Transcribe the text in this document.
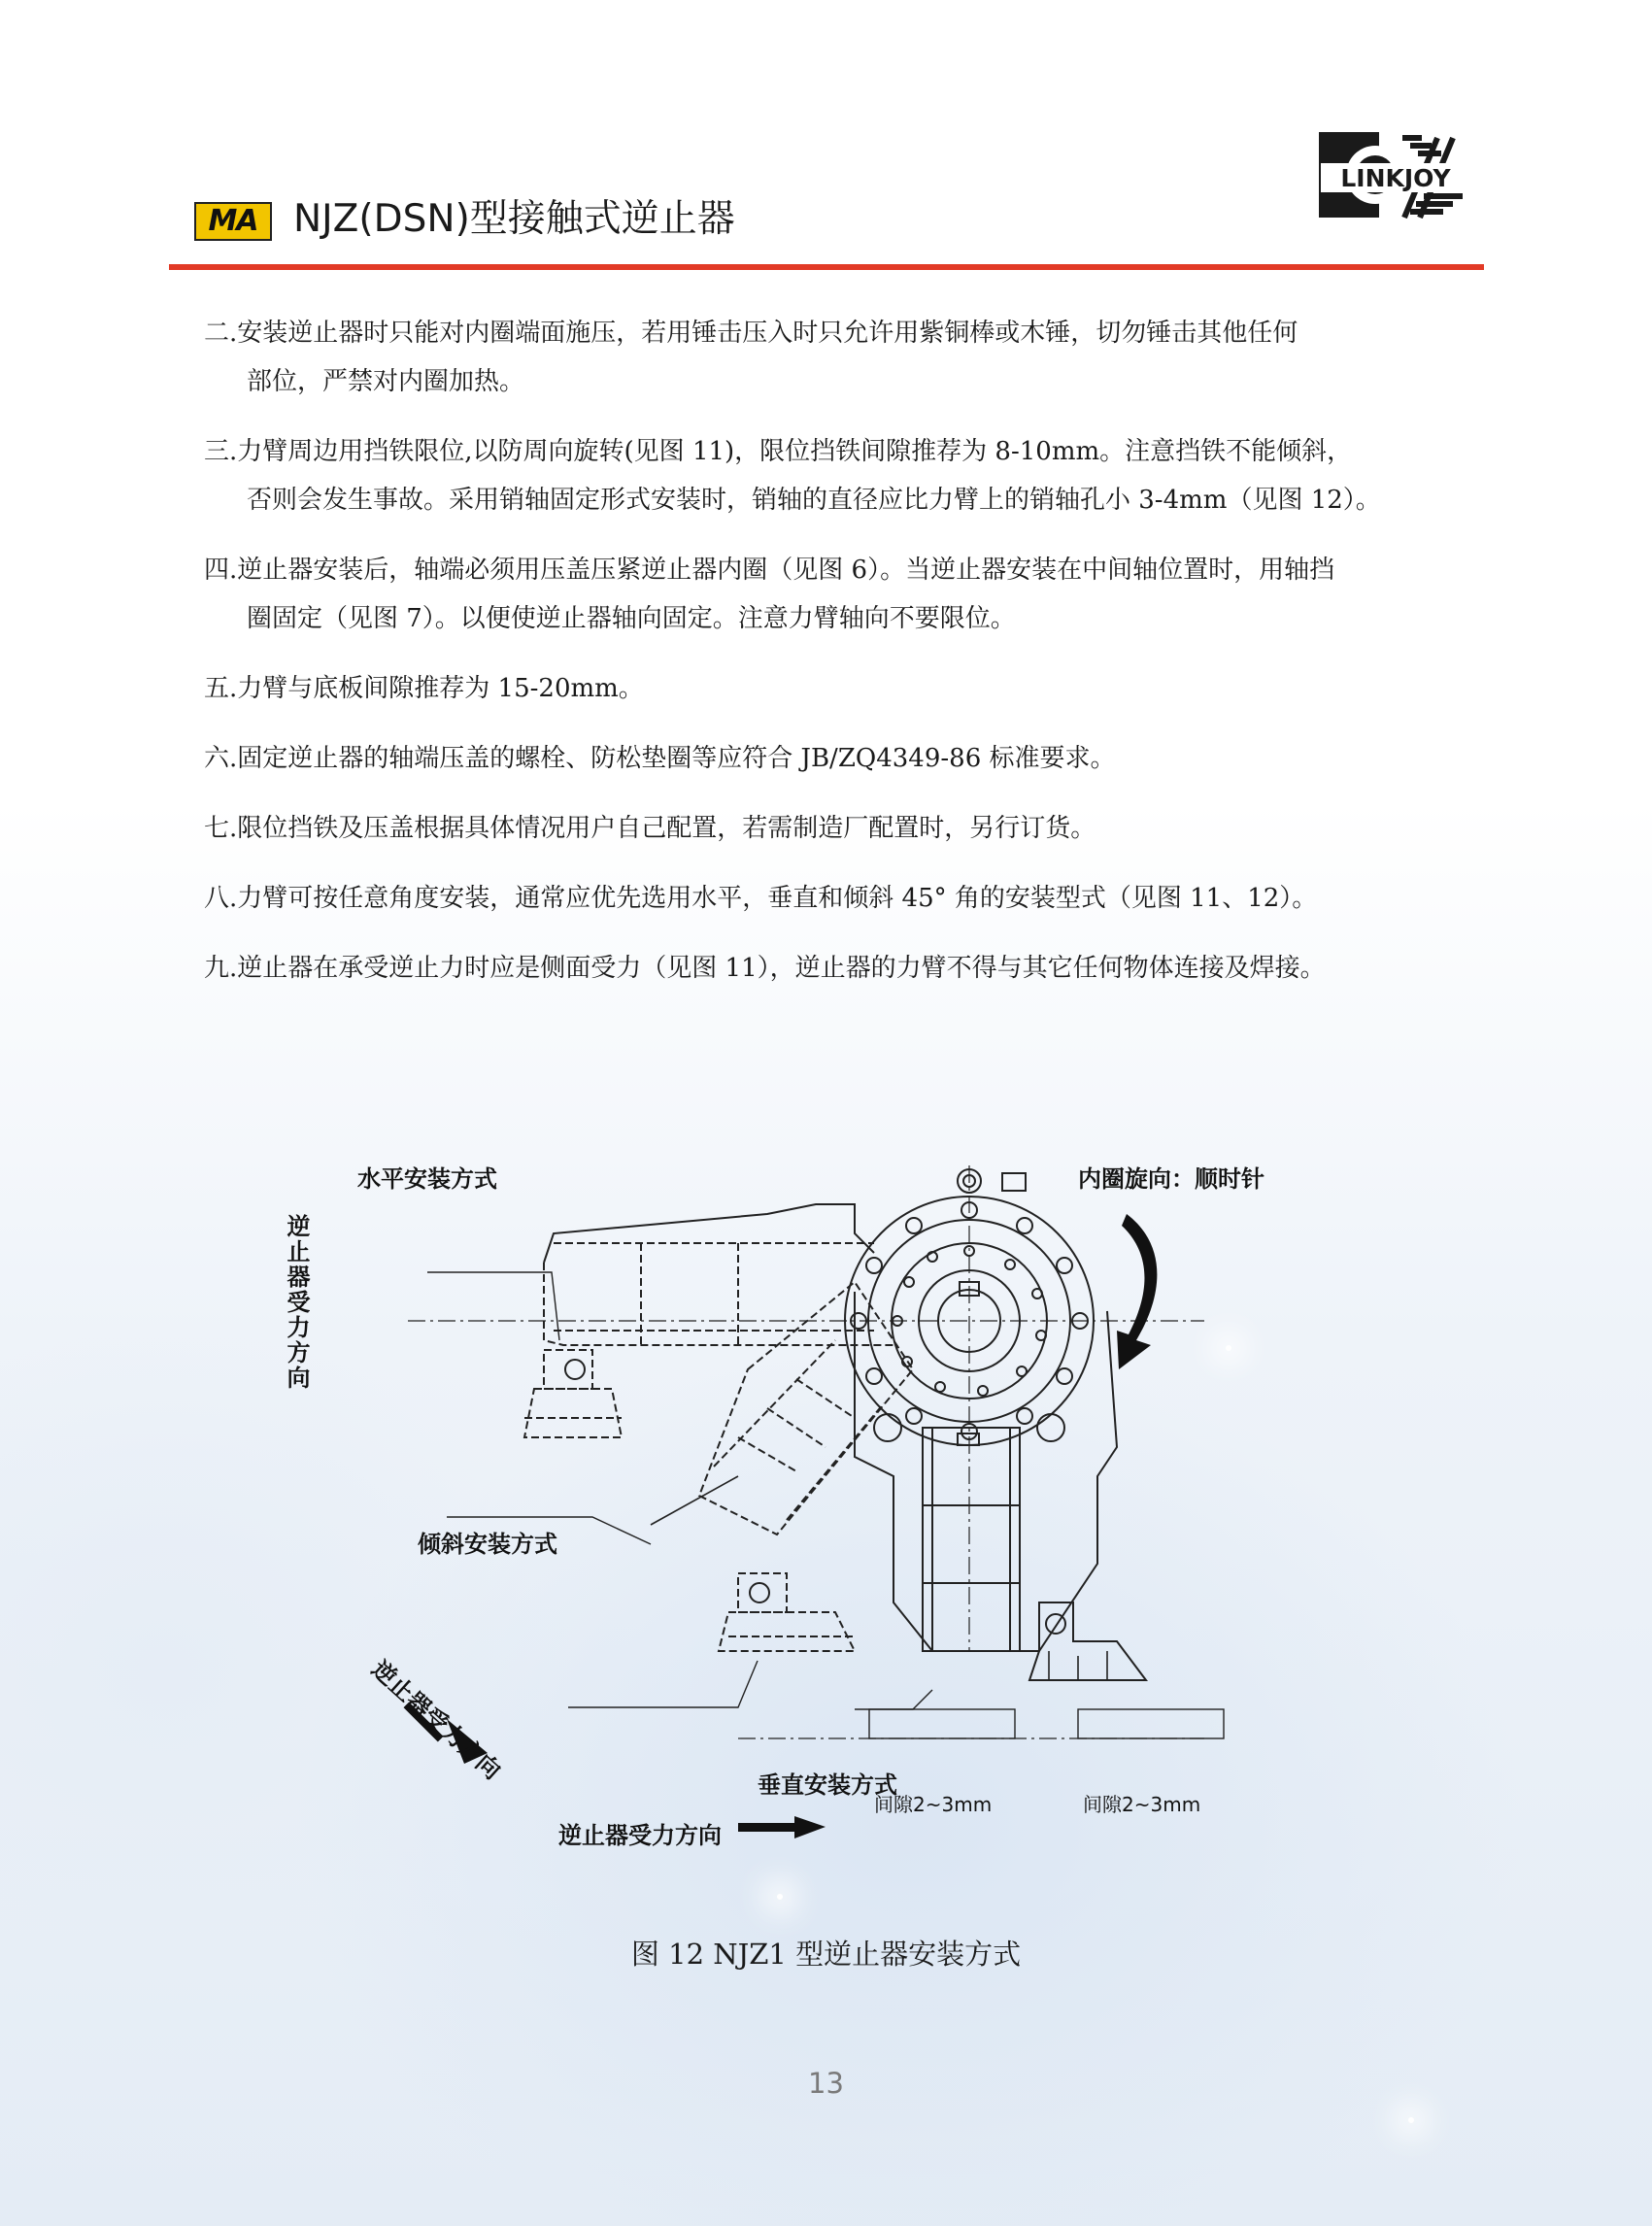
MA NJZ(DSN)型接触式逆止器
LINKJOY

二.安装逆止器时只能对内圈端面施压，若用锤击压入时只允许用紫铜棒或木锤，切勿锤击其他任何
部位，严禁对内圈加热。

三.力臂周边用挡铁限位,以防周向旋转(见图 11)，限位挡铁间隙推荐为 8-10mm。注意挡铁不能倾斜，
否则会发生事故。采用销轴固定形式安装时，销轴的直径应比力臂上的销轴孔小 3-4mm（见图 12）。

四.逆止器安装后，轴端必须用压盖压紧逆止器内圈（见图 6）。当逆止器安装在中间轴位置时，用轴挡
圈固定（见图 7）。以便使逆止器轴向固定。注意力臂轴向不要限位。

五.力臂与底板间隙推荐为 15-20mm。

六.固定逆止器的轴端压盖的螺栓、防松垫圈等应符合 JB/ZQ4349-86 标准要求。

七.限位挡铁及压盖根据具体情况用户自己配置，若需制造厂配置时，另行订货。

八.力臂可按任意角度安装，通常应优先选用水平，垂直和倾斜 45° 角的安装型式（见图 11、12）。

九.逆止器在承受逆止力时应是侧面受力（见图 11），逆止器的力臂不得与其它任何物体连接及焊接。

水平安装方式	内圈旋向：顺时针
逆止器受力方向
倾斜安装方式
逆止器受力方向
垂直安装方式
间隙2~3mm	间隙2~3mm
逆止器受力方向
图 12 NJZ1 型逆止器安装方式
13
